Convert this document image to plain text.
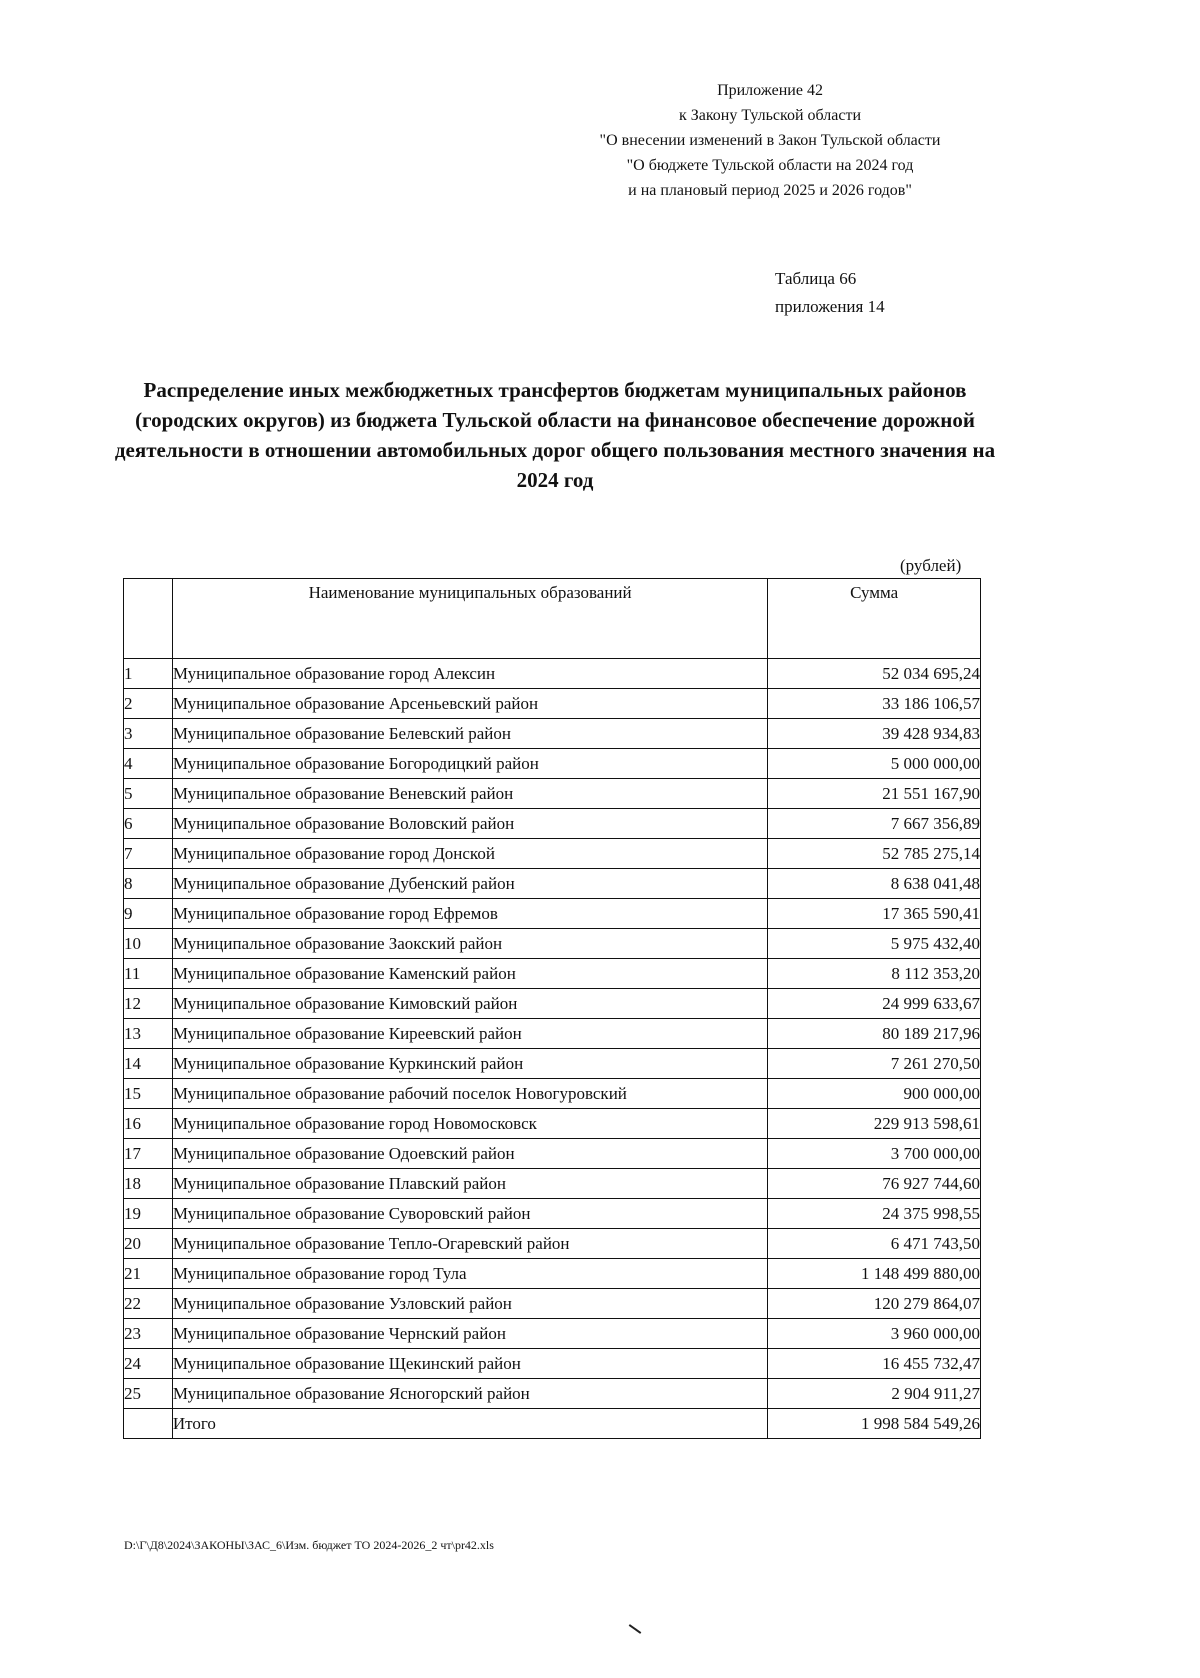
Приложение 42
к Закону Тульской области
"О внесении изменений в Закон Тульской области
"О бюджете Тульской области на 2024 год
и на плановый период 2025 и 2026 годов"
Таблица 66
приложения 14
Распределение иных межбюджетных трансфертов бюджетам муниципальных районов (городских округов) из бюджета Тульской области на финансовое обеспечение дорожной деятельности в отношении автомобильных дорог общего пользования местного значения на 2024 год
(рублей)
	Наименование муниципальных образований	Сумма
1	Муниципальное образование город Алексин	52 034 695,24
2	Муниципальное образование Арсеньевский район	33 186 106,57
3	Муниципальное образование Белевский район	39 428 934,83
4	Муниципальное образование Богородицкий район	5 000 000,00
5	Муниципальное образование Веневский район	21 551 167,90
6	Муниципальное образование Воловский район	7 667 356,89
7	Муниципальное образование город Донской	52 785 275,14
8	Муниципальное образование Дубенский район	8 638 041,48
9	Муниципальное образование город Ефремов	17 365 590,41
10	Муниципальное образование Заокский район	5 975 432,40
11	Муниципальное образование Каменский район	8 112 353,20
12	Муниципальное образование Кимовский район	24 999 633,67
13	Муниципальное образование Киреевский район	80 189 217,96
14	Муниципальное образование Куркинский район	7 261 270,50
15	Муниципальное образование рабочий поселок Новогуровский	900 000,00
16	Муниципальное образование город Новомосковск	229 913 598,61
17	Муниципальное образование Одоевский район	3 700 000,00
18	Муниципальное образование Плавский район	76 927 744,60
19	Муниципальное образование Суворовский район	24 375 998,55
20	Муниципальное образование Тепло-Огаревский район	6 471 743,50
21	Муниципальное образование город Тула	1 148 499 880,00
22	Муниципальное образование Узловский район	120 279 864,07
23	Муниципальное образование Чернский район	3 960 000,00
24	Муниципальное образование Щекинский район	16 455 732,47
25	Муниципальное образование Ясногорский район	2 904 911,27
	Итого	1 998 584 549,26
D:\Г\Д8\2024\ЗАКОНЫ\ЗАС_6\Изм. бюджет ТО 2024-2026_2 чт\pr42.xls
